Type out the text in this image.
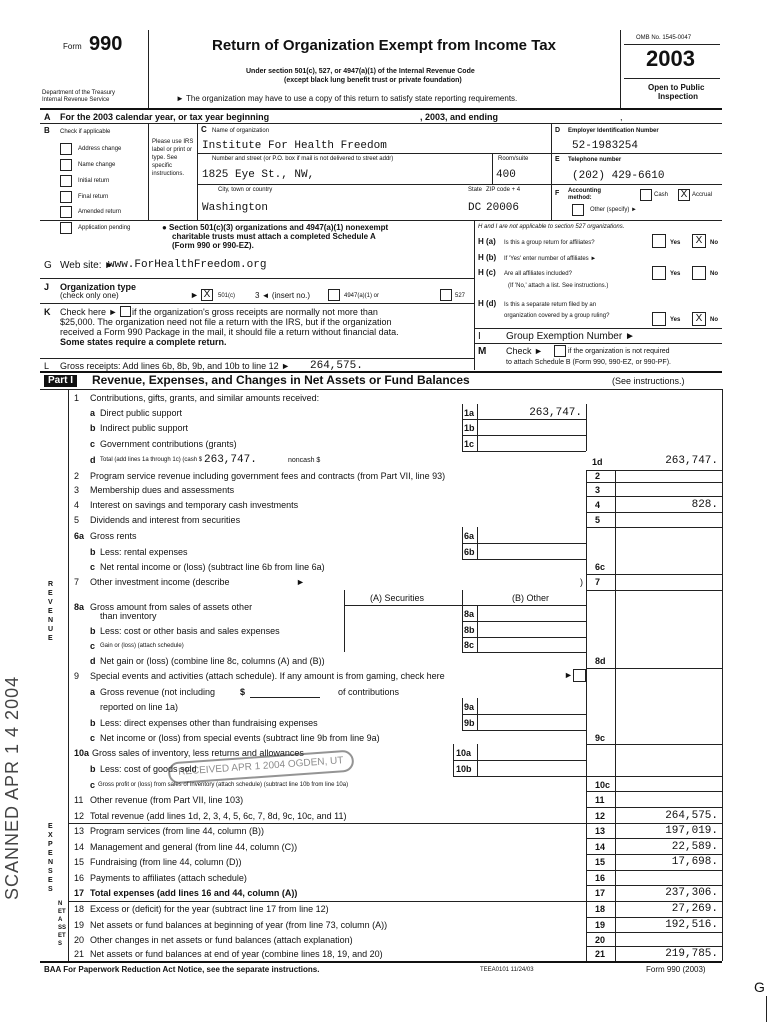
Form 990	Return of Organization Exempt from Income Tax
Under section 501(c), 527, or 4947(a)(1) of the Internal Revenue Code
(except black lung benefit trust or private foundation)
Department of the Treasury
Internal Revenue Service	► The organization may have to use a copy of this return to satisfy state reporting requirements.
OMB No. 1545-0047
2003
Open to Public
Inspection
A For the 2003 calendar year, or tax year beginning	, 2003, and ending	,
B Check if applicable
Address change
Name change
Initial return
Final return
Amended return
Application pending
Please use IRS label or print or type. See specific instructions.
C Name of organization
Institute For Health Freedom
Number and street (or P.O. box if mail is not delivered to street addr)	Room/suite
1825 Eye St., NW,	400
City, town or country	State ZIP code + 4
Washington	DC 20006
D Employer Identification Number
52-1983254
E Telephone number
(202) 429-6610
F Accounting method:	Cash X Accrual
Other (specify) ►
● Section 501(c)(3) organizations and 4947(a)(1) nonexempt
charitable trusts must attach a completed Schedule A
(Form 990 or 990-EZ).
H and I are not applicable to section 527 organizations.
H (a) Is this a group return for affiliates?	Yes	X	No
H (b) If 'Yes' enter number of affiliates ►
G Web site: ►
www.ForHealthFreedom.org
H (c) Are all affiliates included?	Yes	No
(If 'No,' attach a list. See instructions.)
J Organization type
(check only one)	► X	501(c) 3 ◄ (insert no.)	4947(a)(1) or	527
H (d) Is this a separate return filed by an
organization covered by a group ruling?
Yes	X	No
K Check here ► if the organization's gross receipts are normally not more than
$25,000. The organization need not file a return with the IRS, but if the organization
received a Form 990 Package in the mail, it should file a return without financial data.
Some states require a complete return.	I	Group Exemption Number ►
M Check ►	if the organization is not required
to attach Schedule B (Form 990, 990-EZ, or 990-PF).
L Gross receipts: Add lines 6b, 8b, 9b, and 10b to line 12 ► 264,575.
Part I	Revenue, Expenses, and Changes in Net Assets or Fund Balances	(See instructions.)
REVENUE
EXPENSES
NET ASSETS
SCANNED APR 1 4 2004
1 Contributions, gifts, grants, and similar amounts received:
a Direct public support	1a	263,747.
b Indirect public support	1b
c Government contributions (grants)	1c
d Total (add lines 1a through 1c) (cash $ 263,747.	noncash $	1d	263,747.
2 Program service revenue including government fees and contracts (from Part VII, line 93)	2
3 Membership dues and assessments	3
4 Interest on savings and temporary cash investments	4	828.
5 Dividends and interest from securities	5
6a Gross rents	6a
b Less: rental expenses	6b
c Net rental income or (loss) (subtract line 6b from line 6a)	6c
7 Other investment income (describe	►	) 7
(A) Securities	(B) Other
8a Gross amount from sales of assets other
than inventory	8a
b Less: cost or other basis and sales expenses	8b
c Gain or (loss) (attach schedule)	8c
d Net gain or (loss) (combine line 8c, columns (A) and (B))	8d
9 Special events and activities (attach schedule). If any amount is from gaming, check here	►
a Gross revenue (not including	$	of contributions
reported on line 1a)	9a
b Less: direct expenses other than fundraising expenses	9b
c Net income or (loss) from special events (subtract line 9b from line 9a)	9c
10a Gross sales of inventory, less returns and allowances	10a
b Less: cost of goods sold	10b
c Gross profit or (loss) from sales of inventory (attach schedule) (subtract line 10b from line 10a)	10c
11 Other revenue (from Part VII, line 103)	11
12 Total revenue (add lines 1d, 2, 3, 4, 5, 6c, 7, 8d, 9c, 10c, and 11)	12	264,575.
13 Program services (from line 44, column (B))	13	197,019.
14 Management and general (from line 44, column (C))	14	22,589.
15 Fundraising (from line 44, column (D))	15	17,698.
16 Payments to affiliates (attach schedule)	16
17 Total expenses (add lines 16 and 44, column (A))	17	237,306.
18 Excess or (deficit) for the year (subtract line 17 from line 12)	18	27,269.
19 Net assets or fund balances at beginning of year (from line 73, column (A))	19	192,516.
20 Other changes in net assets or fund balances (attach explanation)	20
21 Net assets or fund balances at end of year (combine lines 18, 19, and 20)	21	219,785.
RECEIVED APR 1 2004 OGDEN, UT
BAA For Paperwork Reduction Act Notice, see the separate instructions.	TEEA0101 11/24/03	Form 990 (2003)
G
